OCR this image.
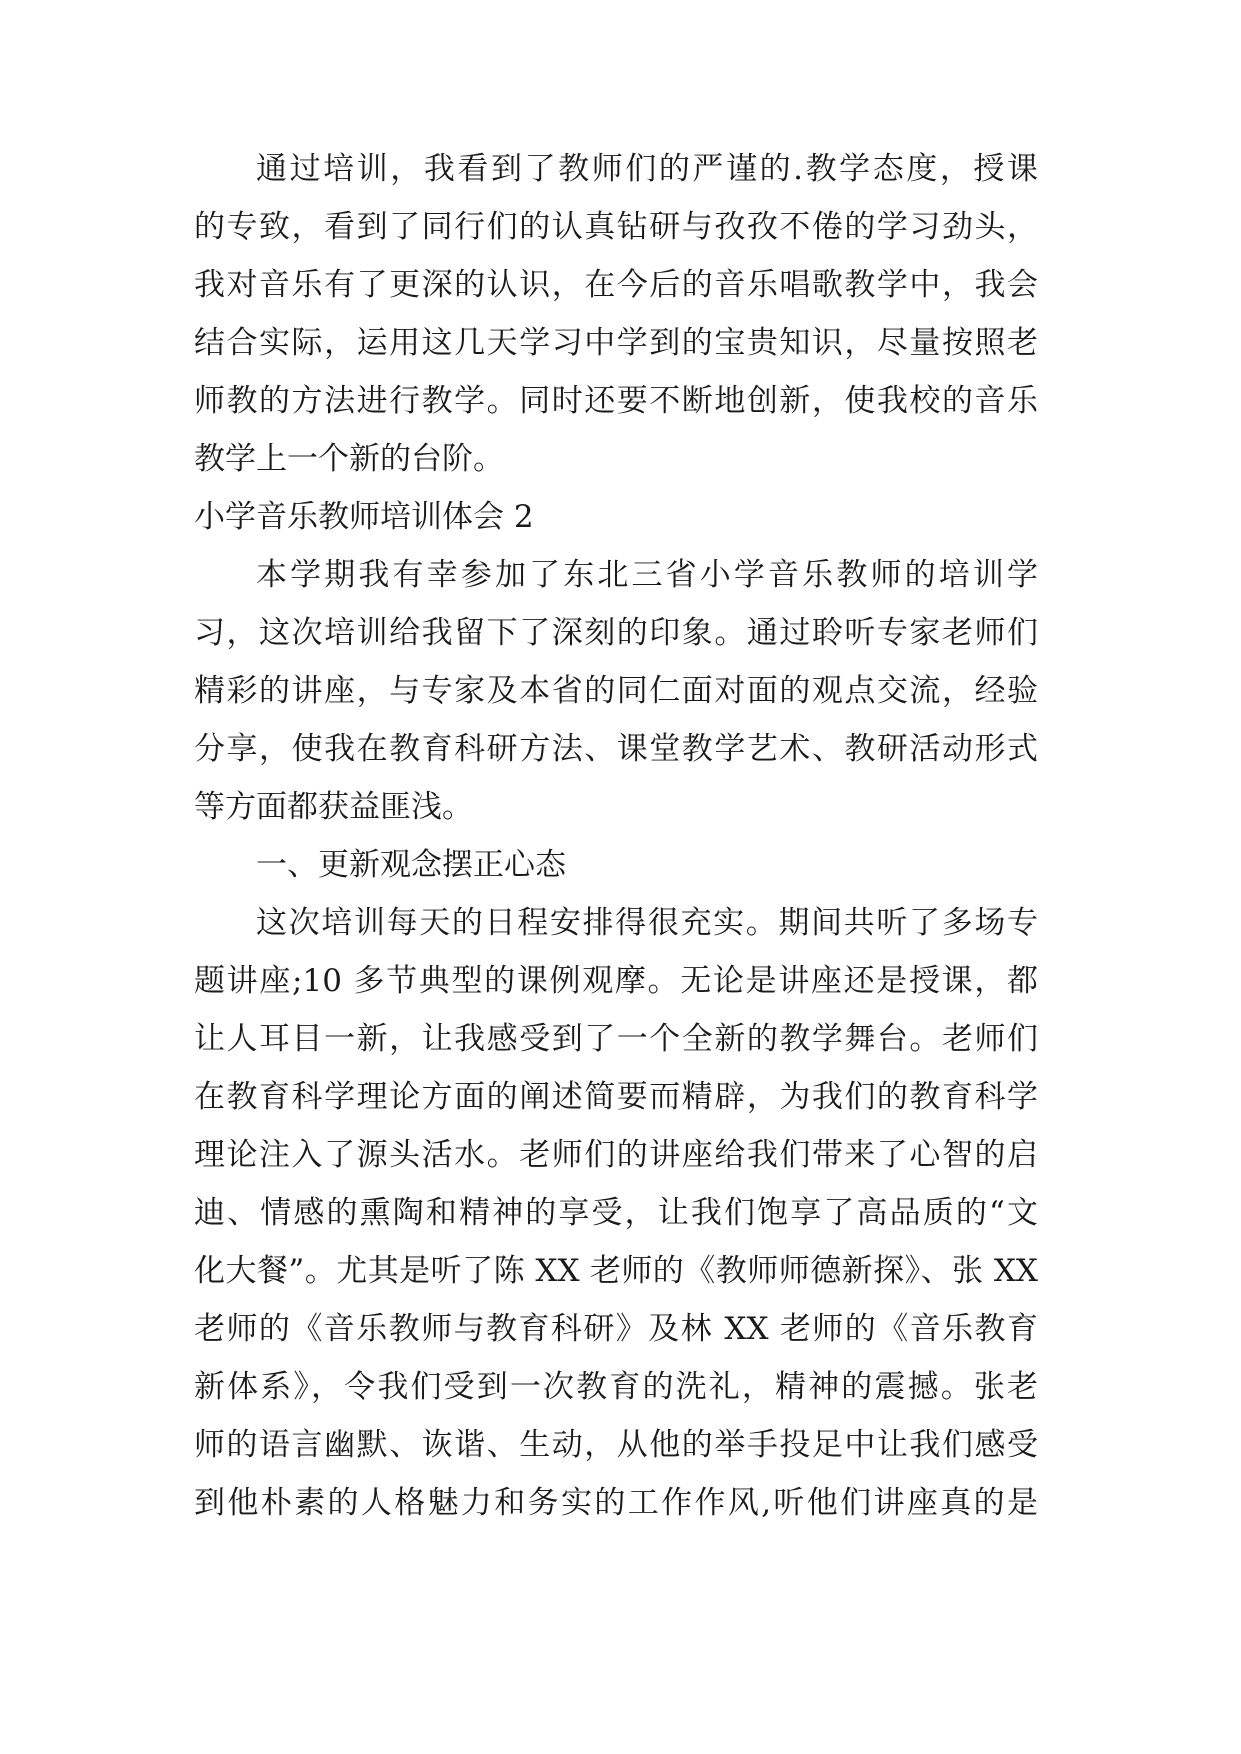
通过培训，我看到了教师们的严谨的.教学态度，授课
的专致，看到了同行们的认真钻研与孜孜不倦的学习劲头，
我对音乐有了更深的认识，在今后的音乐唱歌教学中，我会
结合实际，运用这几天学习中学到的宝贵知识，尽量按照老
师教的方法进行教学。同时还要不断地创新，使我校的音乐
教学上一个新的台阶。
小学音乐教师培训体会 2
本学期我有幸参加了东北三省小学音乐教师的培训学
习，这次培训给我留下了深刻的印象。通过聆听专家老师们
精彩的讲座，与专家及本省的同仁面对面的观点交流，经验
分享，使我在教育科研方法、课堂教学艺术、教研活动形式
等方面都获益匪浅。
一、更新观念摆正心态
这次培训每天的日程安排得很充实。期间共听了多场专
题讲座;10 多节典型的课例观摩。无论是讲座还是授课，都
让人耳目一新，让我感受到了一个全新的教学舞台。老师们
在教育科学理论方面的阐述简要而精辟，为我们的教育科学
理论注入了源头活水。老师们的讲座给我们带来了心智的启
迪、情感的熏陶和精神的享受，让我们饱享了高品质的“文
化大餐”。尤其是听了陈 XX 老师的《教师师德新探》、张 XX
老师的《音乐教师与教育科研》及林 XX 老师的《音乐教育
新体系》，令我们受到一次教育的洗礼，精神的震撼。张老
师的语言幽默、诙谐、生动，从他的举手投足中让我们感受
到他朴素的人格魅力和务实的工作作风,听他们讲座真的是
